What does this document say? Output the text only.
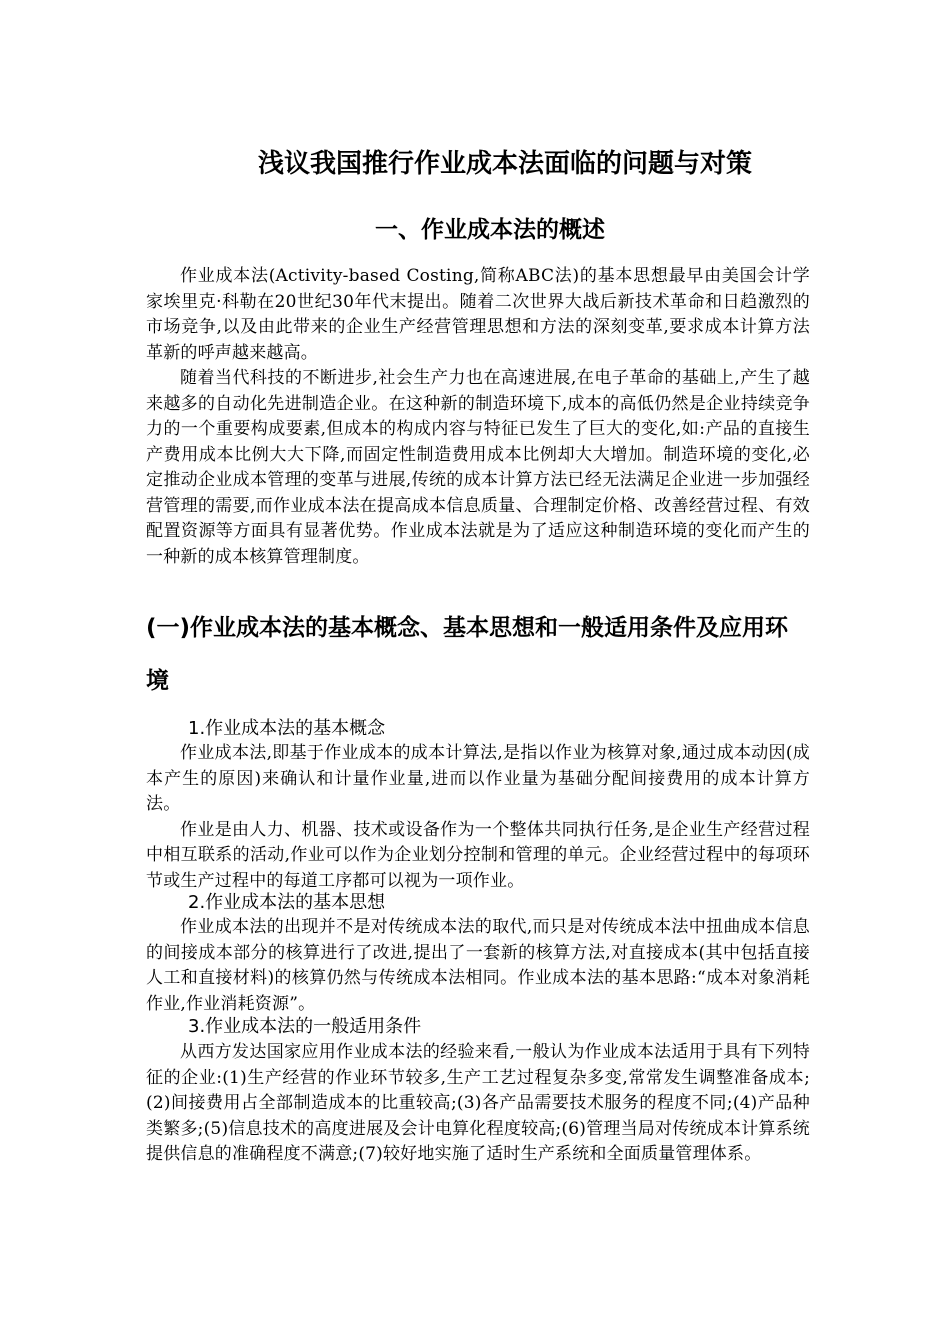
浅议我国推行作业成本法面临的问题与对策
一、作业成本法的概述

作业成本法(Activity-based Costing,简称ABC法)的基本思想最早由美国会计学家埃里克·科勒在20世纪30年代末提出。随着二次世界大战后新技术革命和日趋激烈的市场竞争,以及由此带来的企业生产经营管理思想和方法的深刻变革,要求成本计算方法革新的呼声越来越高。

随着当代科技的不断进步,社会生产力也在高速进展,在电子革命的基础上,产生了越来越多的自动化先进制造企业。在这种新的制造环境下,成本的高低仍然是企业持续竞争力的一个重要构成要素,但成本的构成内容与特征已发生了巨大的变化,如:产品的直接生产费用成本比例大大下降,而固定性制造费用成本比例却大大增加。制造环境的变化,必定推动企业成本管理的变革与进展,传统的成本计算方法已经无法满足企业进一步加强经营管理的需要,而作业成本法在提高成本信息质量、合理制定价格、改善经营过程、有效配置资源等方面具有显著优势。作业成本法就是为了适应这种制造环境的变化而产生的一种新的成本核算管理制度。

(一)作业成本法的基本概念、基本思想和一般适用条件及应用环境
1.作业成本法的基本概念

作业成本法,即基于作业成本的成本计算法,是指以作业为核算对象,通过成本动因(成本产生的原因)来确认和计量作业量,进而以作业量为基础分配间接费用的成本计算方法。

作业是由人力、机器、技术或设备作为一个整体共同执行任务,是企业生产经营过程中相互联系的活动,作业可以作为企业划分控制和管理的单元。企业经营过程中的每项环节或生产过程中的每道工序都可以视为一项作业。

2.作业成本法的基本思想

作业成本法的出现并不是对传统成本法的取代,而只是对传统成本法中扭曲成本信息的间接成本部分的核算进行了改进,提出了一套新的核算方法,对直接成本(其中包括直接人工和直接材料)的核算仍然与传统成本法相同。作业成本法的基本思路:“成本对象消耗作业,作业消耗资源”。

3.作业成本法的一般适用条件

从西方发达国家应用作业成本法的经验来看,一般认为作业成本法适用于具有下列特征的企业:(1)生产经营的作业环节较多,生产工艺过程复杂多变,常常发生调整准备成本;(2)间接费用占全部制造成本的比重较高;(3)各产品需要技术服务的程度不同;(4)产品种类繁多;(5)信息技术的高度进展及会计电算化程度较高;(6)管理当局对传统成本计算系统提供信息的准确程度不满意;(7)较好地实施了适时生产系统和全面质量管理体系。
